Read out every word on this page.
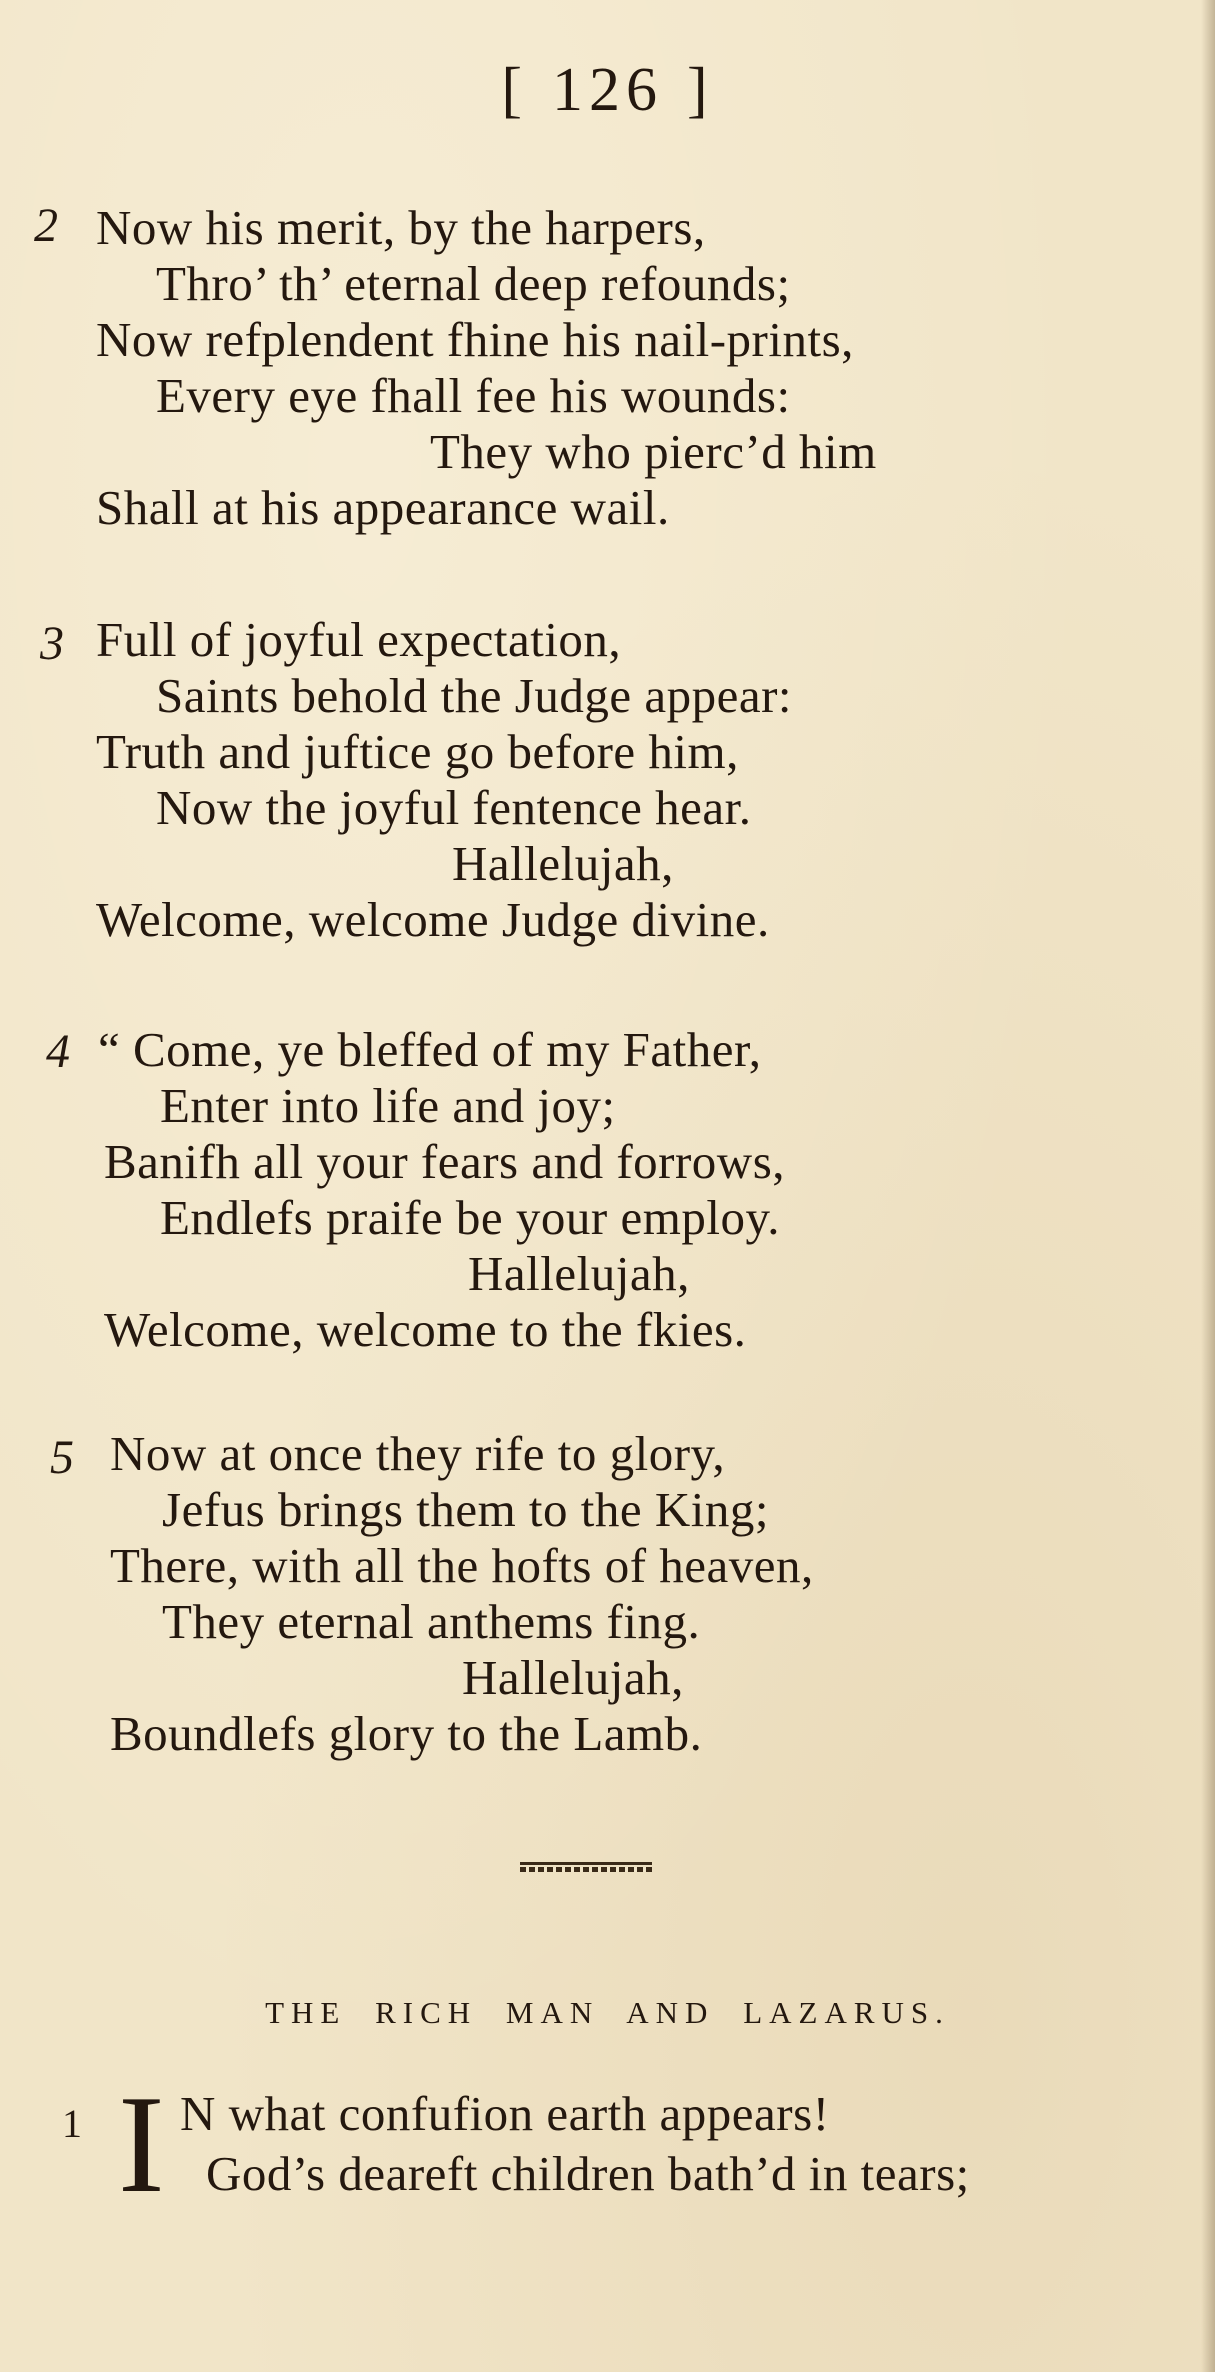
[ 126 ]
2 Now his merit, by the harpers,
Thro’ th’ eternal deep refounds;
Now refplendent fhine his nail-prints,
Every eye fhall fee his wounds:
They who pierc’d him
Shall at his appearance wail.
3 Full of joyful expectation,
Saints behold the Judge appear:
Truth and juftice go before him,
Now the joyful fentence hear.
Hallelujah,
Welcome, welcome Judge divine.
4 “ Come, ye bleffed of my Father,
Enter into life and joy;
Banifh all your fears and forrows,
Endlefs praife be your employ.
Hallelujah,
Welcome, welcome to the fkies.
5 Now at once they rife to glory,
Jefus brings them to the King;
There, with all the hofts of heaven,
They eternal anthems fing.
Hallelujah,
Boundlefs glory to the Lamb.
THE RICH MAN AND LAZARUS.
1 I N what confufion earth appears!
God’s deareft children bath’d in tears;
